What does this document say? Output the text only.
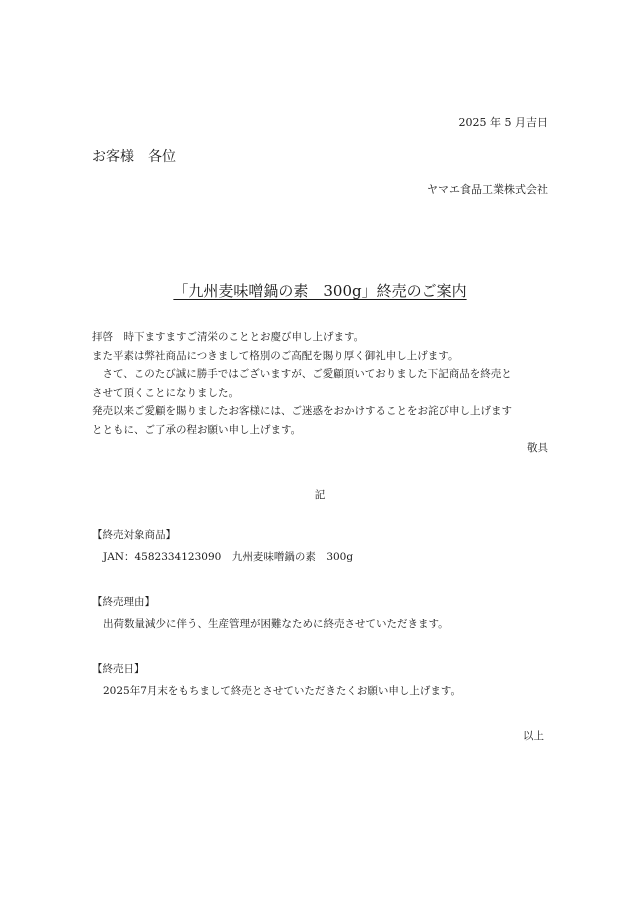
2025 年 5 月吉日
お客様　各位
ヤマエ食品工業株式会社
「九州麦味噌鍋の素　300g」終売のご案内

拝啓　時下ますますご清栄のこととお慶び申し上げます。

また平素は弊社商品につきまして格別のご高配を賜り厚く御礼申し上げます。

　さて、このたび誠に勝手ではございますが、ご愛顧頂いておりました下記商品を終売と

させて頂くことになりました。

発売以来ご愛顧を賜りましたお客様には、ご迷惑をおかけすることをお詫び申し上げます

とともに、ご了承の程お願い申し上げます。

敬具

記
【終売対象商品】
JAN：4582334123090　九州麦味噌鍋の素　300g
【終売理由】
出荷数量減少に伴う、生産管理が困難なために終売させていただきます。
【終売日】
2025年7月末をもちまして終売とさせていただきたくお願い申し上げます。
以上
